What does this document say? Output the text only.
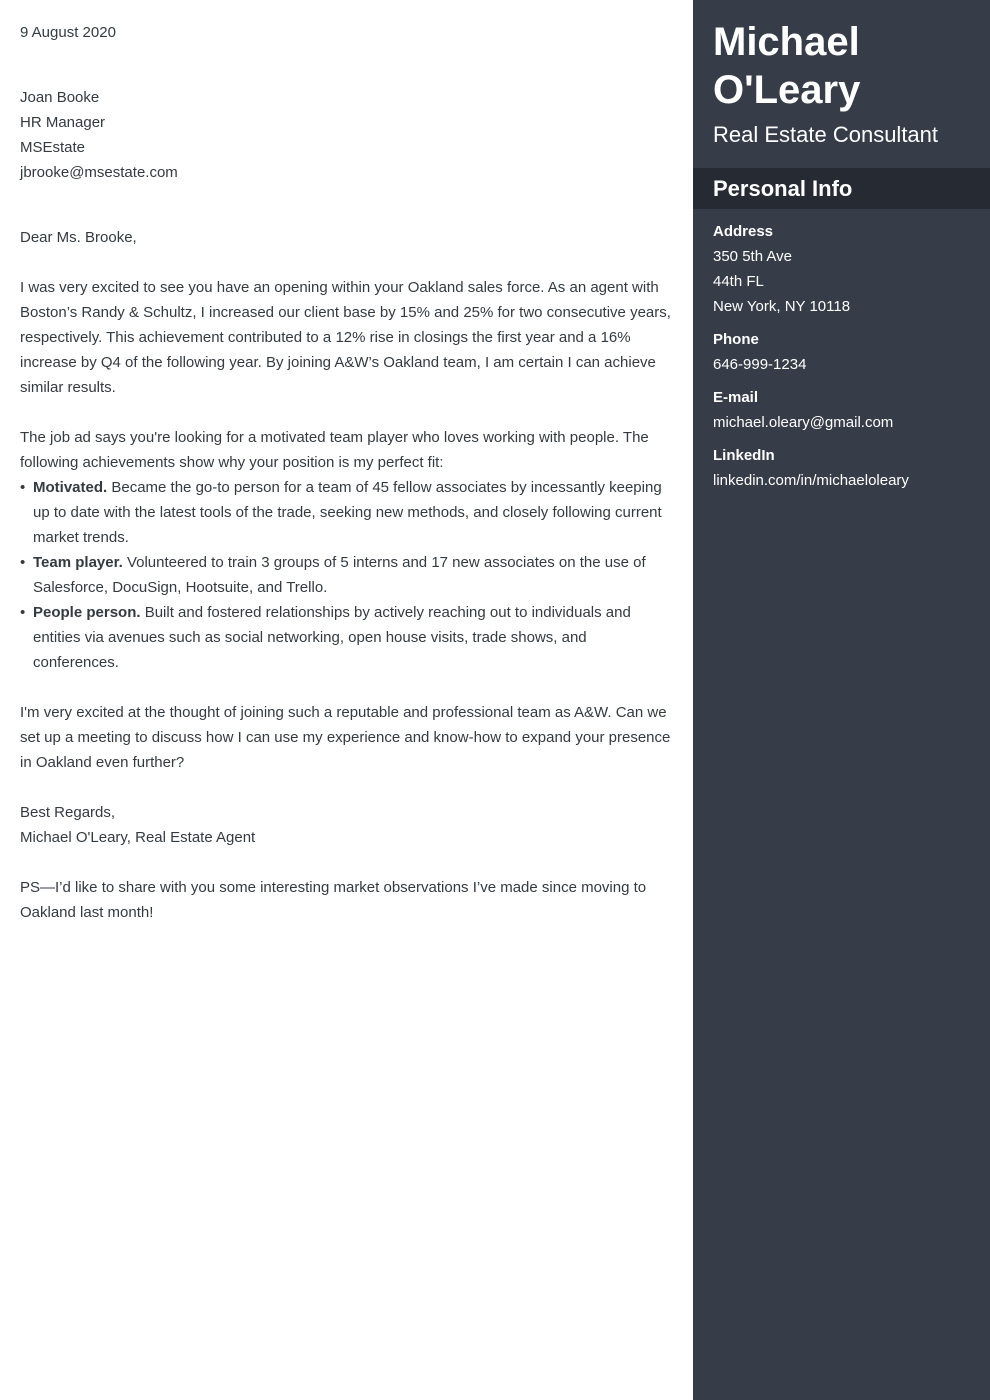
9 August 2020
Joan Booke
HR Manager
MSEstate
jbrooke@msestate.com
Dear Ms. Brooke,

I was very excited to see you have an opening within your Oakland sales force. As an agent with Boston’s Randy & Schultz, I increased our client base by 15% and 25% for two consecutive years, respectively. This achievement contributed to a 12% rise in closings the first year and a 16% increase by Q4 of the following year. By joining A&W’s Oakland team, I am certain I can achieve similar results.

The job ad says you're looking for a motivated team player who loves working with people. The following achievements show why your position is my perfect fit:

• Motivated. Became the go-to person for a team of 45 fellow associates by incessantly keeping up to date with the latest tools of the trade, seeking new methods, and closely following current market trends.
• Team player. Volunteered to train 3 groups of 5 interns and 17 new associates on the use of Salesforce, DocuSign, Hootsuite, and Trello.
• People person. Built and fostered relationships by actively reaching out to individuals and entities via avenues such as social networking, open house visits, trade shows, and conferences.

I'm very excited at the thought of joining such a reputable and professional team as A&W. Can we set up a meeting to discuss how I can use my experience and know-how to expand your presence in Oakland even further?

Best Regards,
Michael O'Leary, Real Estate Agent

PS—I’d like to share with you some interesting market observations I’ve made since moving to Oakland last month!

Michael
O'Leary
Real Estate Consultant
Personal Info
Address
350 5th Ave
44th FL
New York, NY 10118
Phone
646-999-1234
E-mail
michael.oleary@gmail.com
LinkedIn
linkedin.com/in/michaeloleary
